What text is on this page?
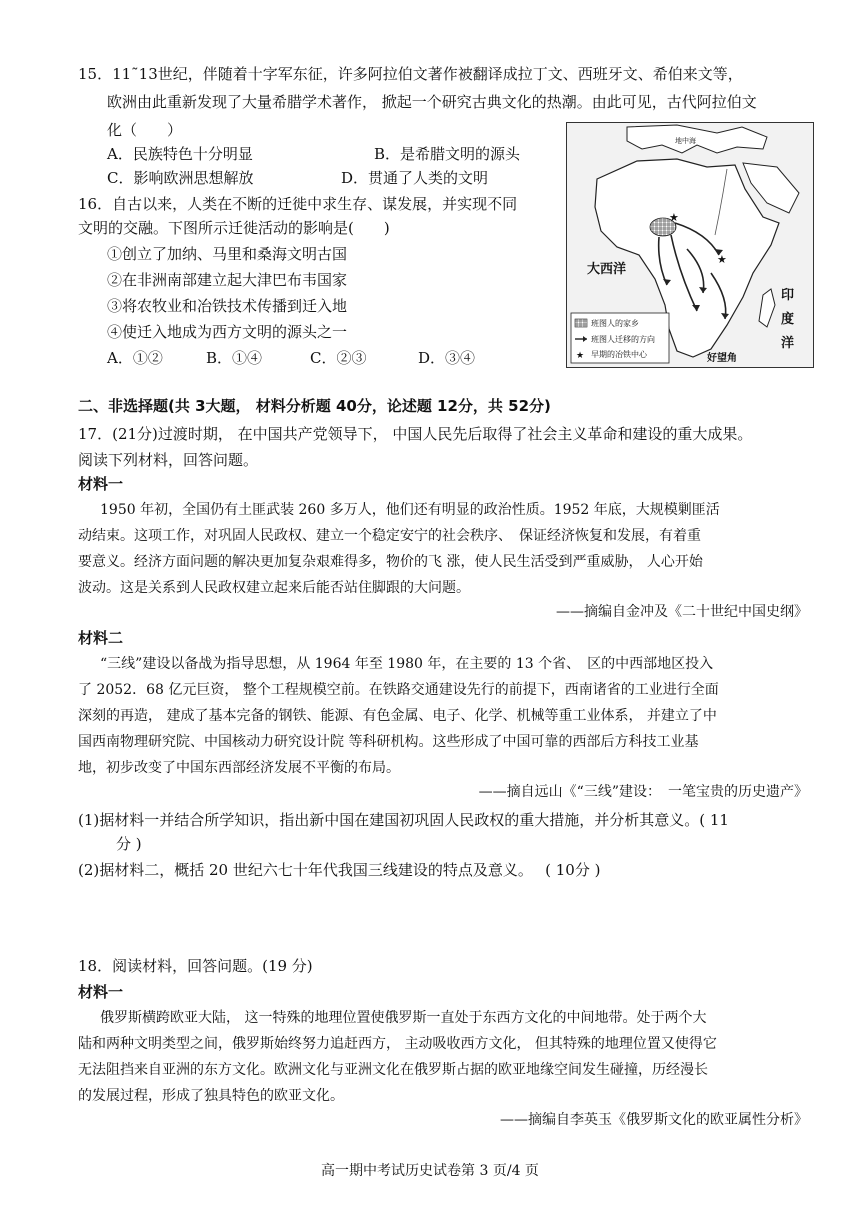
15．11˜13世纪，伴随着十字军东征，许多阿拉伯文著作被翻译成拉丁文、西班牙文、希伯来文等，
欧洲由此重新发现了大量希腊学术著作， 掀起一个研究古典文化的热潮。由此可见，古代阿拉伯文
化（　　）
A．民族特色十分明显	B．是希腊文明的源头
C．影响欧洲思想解放	D．贯通了人类的文明
16．自古以来，人类在不断的迁徙中求生存、谋发展，并实现不同
文明的交融。下图所示迁徙活动的影响是(　　)
①创立了加纳、马里和桑海文明古国
②在非洲南部建立起大津巴布韦国家
③将农牧业和冶铁技术传播到迁入地
④使迁入地成为西方文明的源头之一
A．①②	B．①④	C．②③	D．③④
★
★
地中海
大西洋
印
度
洋
好望角
班图人的家乡
班图人迁移的方向
★ 早期的冶铁中心
二、非选择题(共 3大题， 材料分析题 40分，论述题 12分，共 52分)
17．(21分)过渡时期， 在中国共产党领导下， 中国人民先后取得了社会主义革命和建设的重大成果。
阅读下列材料，回答问题。
材料一
1950 年初，全国仍有土匪武装 260 多万人，他们还有明显的政治性质。1952 年底，大规模剿匪活
动结束。这项工作，对巩固人民政权、建立一个稳定安宁的社会秩序、　保证经济恢复和发展，有着重
要意义。经济方面问题的解决更加复杂艰难得多，物价的飞 涨，使人民生活受到严重威胁， 人心开始
波动。这是关系到人民政权建立起来后能否站住脚跟的大问题。
——摘编自金冲及《二十世纪中国史纲》
材料二
“三线”建设以备战为指导思想，从 1964 年至 1980 年，在主要的 13 个省、　区的中西部地区投入
了 2052．68 亿元巨资， 整个工程规模空前。在铁路交通建设先行的前提下，西南诸省的工业进行全面
深刻的再造， 建成了基本完备的钢铁、能源、有色金属、电子、化学、机械等重工业体系， 并建立了中
国西南物理研究院、中国核动力研究设计院 等科研机构。这些形成了中国可靠的西部后方科技工业基
地，初步改变了中国东西部经济发展不平衡的布局。
——摘自远山《“三线”建设：　一笔宝贵的历史遗产》
(1)据材料一并结合所学知识，指出新中国在建国初巩固人民政权的重大措施，并分析其意义。( 11
分 )
(2)据材料二，概括 20 世纪六七十年代我国三线建设的特点及意义。　 ( 10分 )
18．阅读材料，回答问题。(19 分)
材料一
俄罗斯横跨欧亚大陆， 这一特殊的地理位置使俄罗斯一直处于东西方文化的中间地带。处于两个大
陆和两种文明类型之间，俄罗斯始终努力追赶西方， 主动吸收西方文化， 但其特殊的地理位置又使得它
无法阻挡来自亚洲的东方文化。欧洲文化与亚洲文化在俄罗斯占据的欧亚地缘空间发生碰撞，历经漫长
的发展过程，形成了独具特色的欧亚文化。
——摘编自李英玉《俄罗斯文化的欧亚属性分析》
高一期中考试历史试卷第 3 页/4 页
